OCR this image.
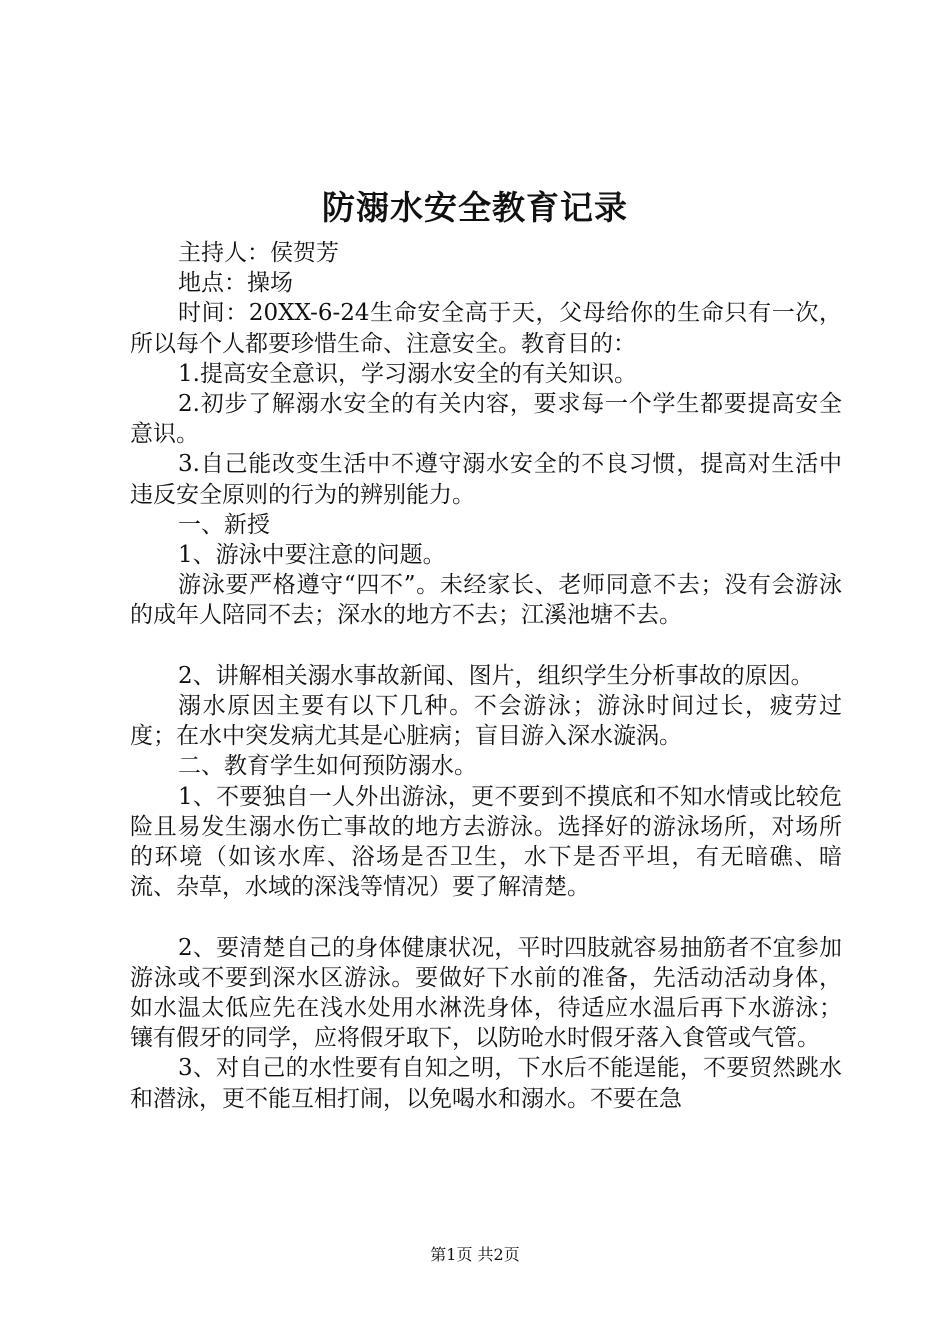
防溺水安全教育记录

主持人：侯贺芳

地点：操场

时间：20XX-6-24生命安全高于天，父母给你的生命只有一次，所以每个人都要珍惜生命、注意安全。教育目的：

1.提高安全意识，学习溺水安全的有关知识。

2.初步了解溺水安全的有关内容，要求每一个学生都要提高安全意识。

3.自己能改变生活中不遵守溺水安全的不良习惯，提高对生活中违反安全原则的行为的辨别能力。

一、新授

1、游泳中要注意的问题。

游泳要严格遵守“四不”。未经家长、老师同意不去；没有会游泳的成年人陪同不去；深水的地方不去；江溪池塘不去。

2、讲解相关溺水事故新闻、图片，组织学生分析事故的原因。

溺水原因主要有以下几种。不会游泳；游泳时间过长，疲劳过度；在水中突发病尤其是心脏病；盲目游入深水漩涡。

二、教育学生如何预防溺水。

1、不要独自一人外出游泳，更不要到不摸底和不知水情或比较危险且易发生溺水伤亡事故的地方去游泳。选择好的游泳场所，对场所的环境（如该水库、浴场是否卫生，水下是否平坦，有无暗礁、暗流、杂草，水域的深浅等情况）要了解清楚。

2、要清楚自己的身体健康状况，平时四肢就容易抽筋者不宜参加游泳或不要到深水区游泳。要做好下水前的准备，先活动活动身体，如水温太低应先在浅水处用水淋洗身体，待适应水温后再下水游泳；镶有假牙的同学，应将假牙取下，以防呛水时假牙落入食管或气管。

3、对自己的水性要有自知之明，下水后不能逞能，不要贸然跳水和潜泳，更不能互相打闹，以免喝水和溺水。不要在急

第1页 共2页
